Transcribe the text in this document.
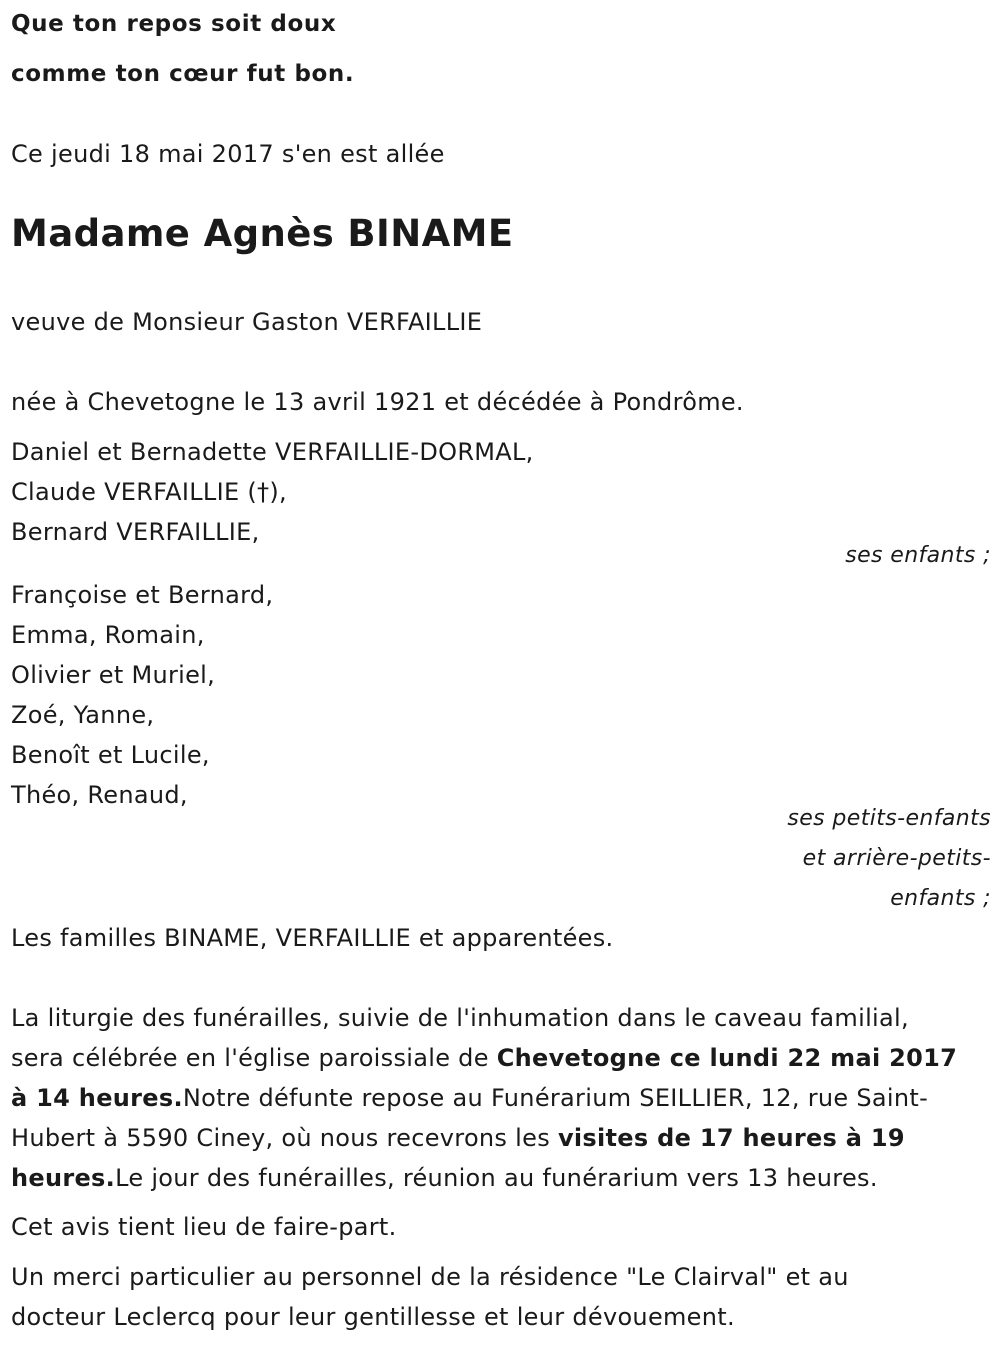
Que ton repos soit doux
comme ton cœur fut bon.
Ce jeudi 18 mai 2017 s'en est allée
Madame Agnès BINAME
veuve de Monsieur Gaston VERFAILLIE
née à Chevetogne le 13 avril 1921 et décédée à Pondrôme.
Daniel et Bernadette VERFAILLIE-DORMAL,
Claude VERFAILLIE (†),
Bernard VERFAILLIE,
ses enfants ;
Françoise et Bernard,
Emma, Romain,
Olivier et Muriel,
Zoé, Yanne,
Benoît et Lucile,
Théo, Renaud,
ses petits-enfants
et arrière-petits-
enfants ;
Les familles BINAME, VERFAILLIE et apparentées.
La liturgie des funérailles, suivie de l'inhumation dans le caveau familial,
sera célébrée en l'église paroissiale de Chevetogne ce lundi 22 mai 2017
à 14 heures.Notre défunte repose au Funérarium SEILLIER, 12, rue Saint-
Hubert à 5590 Ciney, où nous recevrons les visites de 17 heures à 19
heures.Le jour des funérailles, réunion au funérarium vers 13 heures.
Cet avis tient lieu de faire-part.
Un merci particulier au personnel de la résidence "Le Clairval" et au
docteur Leclercq pour leur gentillesse et leur dévouement.
